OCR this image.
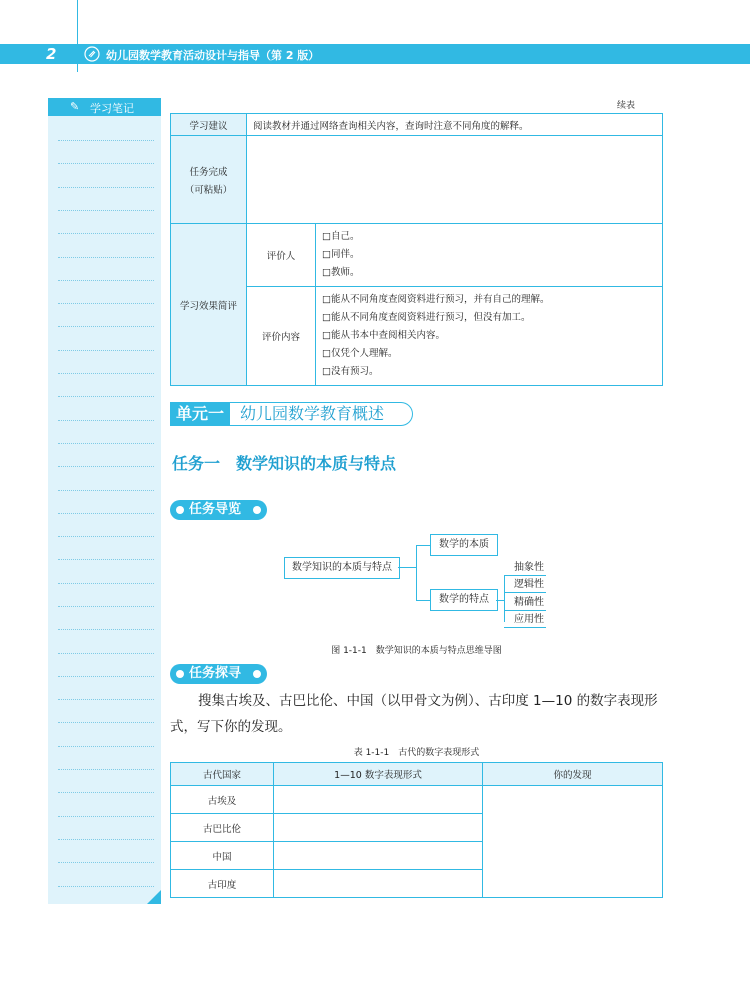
2	幼儿园数学教育活动设计与指导（第 2 版）
✎ 学习笔记	续表
学习建议	阅读教材并通过网络查询相关内容，查询时注意不同角度的解释。	

任务完成
（可粘贴）		

学习效果简评	评价人	□自己。
□同伴。
□教师。

	评价内容	□能从不同角度查阅资料进行预习，并有自己的理解。
□能从不同角度查阅资料进行预习，但没有加工。
□能从书本中查阅相关内容。
□仅凭个人理解。
□没有预习。
单元一	幼儿园数学教育概述
任务一　数学知识的本质与特点
任务导览
数学知识的本质与特点
数学的本质
数学的特点
抽象性
逻辑性
精确性
应用性
图 1-1-1　数学知识的本质与特点思维导图
任务探寻
搜集古埃及、古巴比伦、中国（以甲骨文为例）、古印度 1—10 的数字表现形式，写下你的发现。
表 1-1-1　古代的数字表现形式
古代国家	1—10 数字表现形式	你的发现
古埃及		
古巴比伦		
中国		
古印度		
